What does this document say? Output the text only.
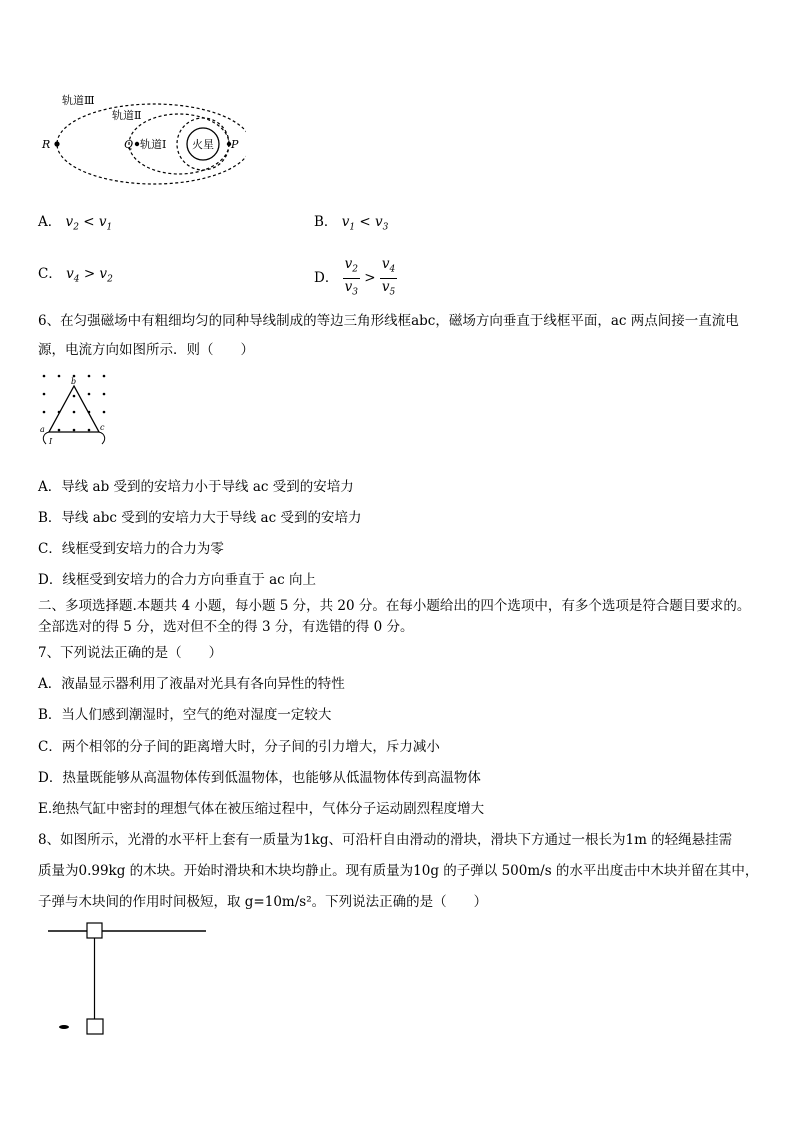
轨道Ⅲ
轨道Ⅱ
轨道Ⅰ 火星
R	Q	P
A． $v_2 < v_1$	B． $v_1 < v_3$
C． $v_4 > v_2$	D． $\frac{v_2}{v_3} > \frac{v_4}{v_5}$
6、在匀强磁场中有粗细均匀的同种导线制成的等边三角形线框abc，磁场方向垂直于线框平面，ac 两点间接一直流电
源，电流方向如图所示．则（　　）
b
a	c
I
A．导线 ab 受到的安培力小于导线 ac 受到的安培力
B．导线 abc 受到的安培力大于导线 ac 受到的安培力
C．线框受到安培力的合力为零
D．线框受到安培力的合力方向垂直于 ac 向上
二、多项选择题.本题共 4 小题，每小题 5 分，共 20 分。在每小题给出的四个选项中，有多个选项是符合题目要求的。
全部选对的得 5 分，选对但不全的得 3 分，有选错的得 0 分。
7、下列说法正确的是（　　）
A．液晶显示器利用了液晶对光具有各向异性的特性
B．当人们感到潮湿时，空气的绝对湿度一定较大
C．两个相邻的分子间的距离增大时，分子间的引力增大，斥力减小
D．热量既能够从高温物体传到低温物体，也能够从低温物体传到高温物体
E.绝热气缸中密封的理想气体在被压缩过程中，气体分子运动剧烈程度增大
8、如图所示，光滑的水平杆上套有一质量为1kg、可沿杆自由滑动的滑块，滑块下方通过一根长为1m 的轻绳悬挂需
质量为0.99kg 的木块。开始时滑块和木块均静止。现有质量为10g 的子弹以 500m/s 的水平出度击中木块并留在其中，
子弹与木块间的作用时间极短，取 g=10m/s²。下列说法正确的是（　　）
